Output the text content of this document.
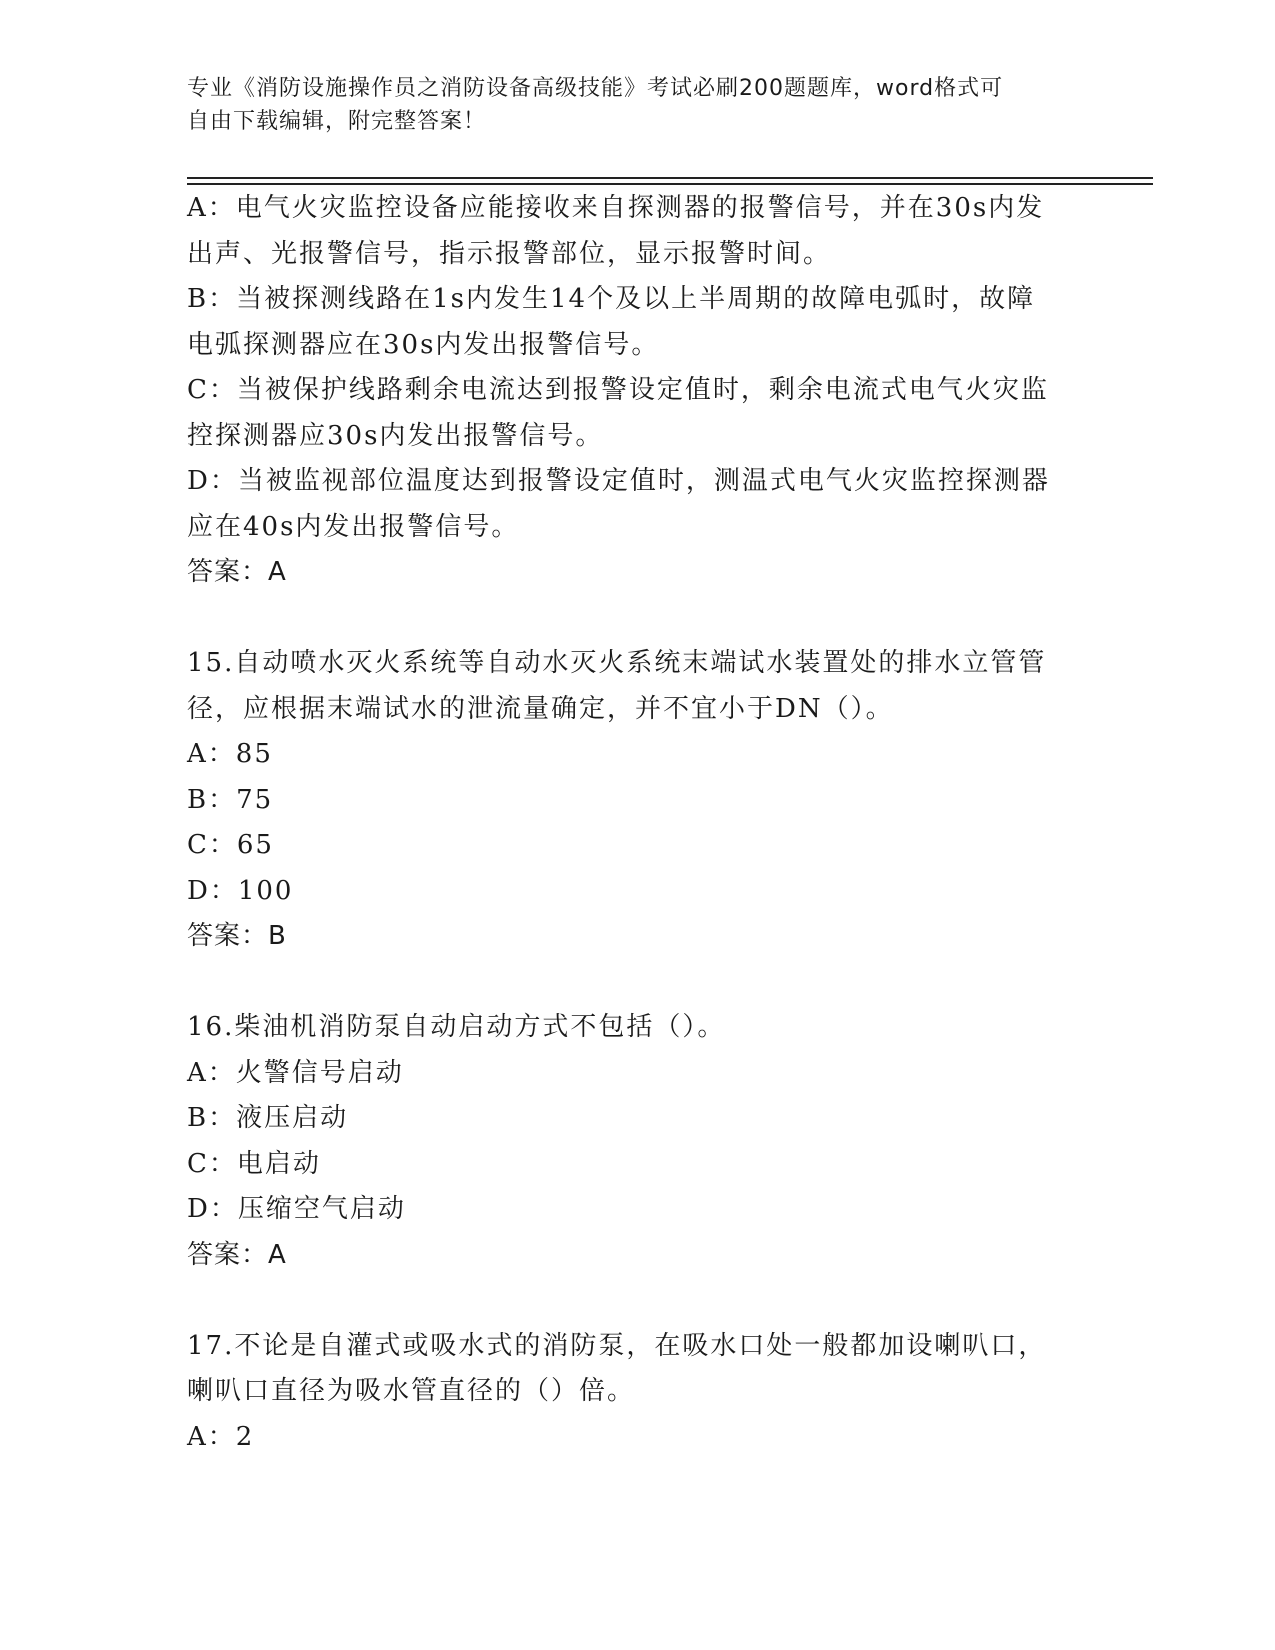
专业《消防设施操作员之消防设备高级技能》考试必刷200题题库，word格式可
自由下载编辑，附完整答案！
A：电气火灾监控设备应能接收来自探测器的报警信号，并在30s内发
出声、光报警信号，指示报警部位，显示报警时间。
B：当被探测线路在1s内发生14个及以上半周期的故障电弧时，故障
电弧探测器应在30s内发出报警信号。
C：当被保护线路剩余电流达到报警设定值时，剩余电流式电气火灾监
控探测器应30s内发出报警信号。
D：当被监视部位温度达到报警设定值时，测温式电气火灾监控探测器
应在40s内发出报警信号。
答案：A
15.自动喷水灭火系统等自动水灭火系统末端试水装置处的排水立管管
径，应根据末端试水的泄流量确定，并不宜小于DN（）。
A：85
B：75
C：65
D：100
答案：B
16.柴油机消防泵自动启动方式不包括（）。
A：火警信号启动
B：液压启动
C：电启动
D：压缩空气启动
答案：A
17.不论是自灌式或吸水式的消防泵，在吸水口处一般都加设喇叭口，
喇叭口直径为吸水管直径的（）倍。
A：2
